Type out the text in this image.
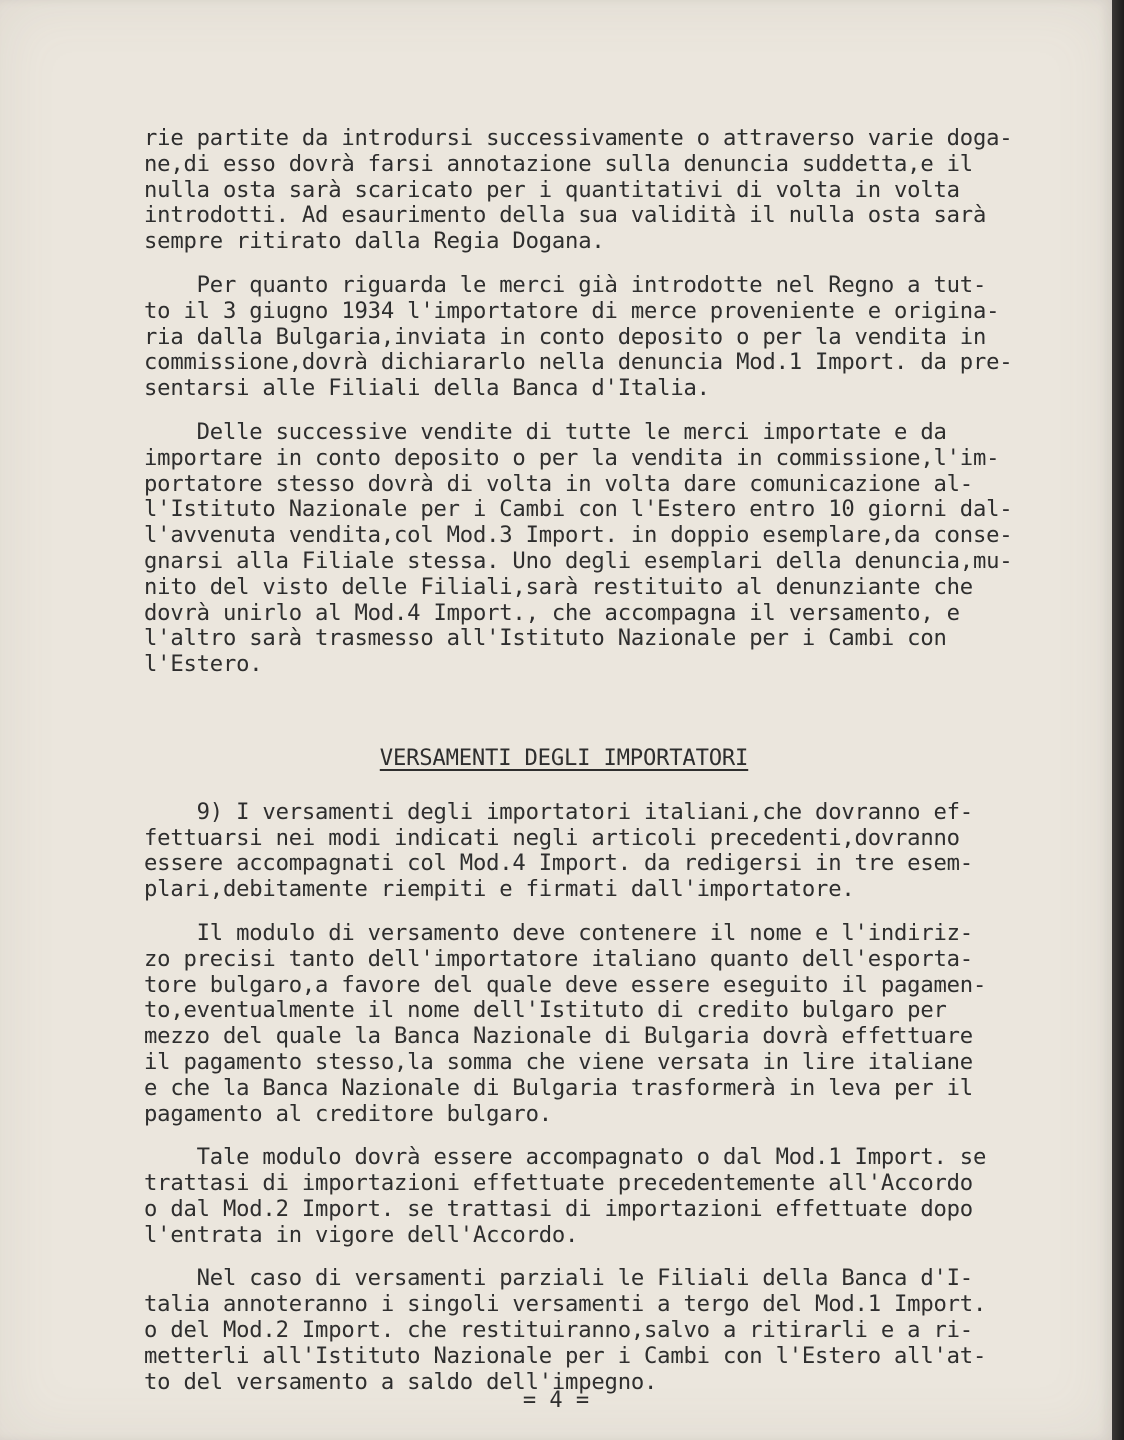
rie partite da introdursi successivamente o attraverso varie doga-
ne,di esso dovrà farsi annotazione sulla denuncia suddetta,e il
nulla osta sarà scaricato per i quantitativi di volta in volta
introdotti. Ad esaurimento della sua validità il nulla osta sarà
sempre ritirato dalla Regia Dogana.
Per quanto riguarda le merci già introdotte nel Regno a tut-
to il 3 giugno 1934 l'importatore di merce proveniente e origina-
ria dalla Bulgaria,inviata in conto deposito o per la vendita in
commissione,dovrà dichiararlo nella denuncia Mod.1 Import. da pre-
sentarsi alle Filiali della Banca d'Italia.
Delle successive vendite di tutte le merci importate e da
importare in conto deposito o per la vendita in commissione,l'im-
portatore stesso dovrà di volta in volta dare comunicazione al-
l'Istituto Nazionale per i Cambi con l'Estero entro 10 giorni dal-
l'avvenuta vendita,col Mod.3 Import. in doppio esemplare,da conse-
gnarsi alla Filiale stessa. Uno degli esemplari della denuncia,mu-
nito del visto delle Filiali,sarà restituito al denunziante che
dovrà unirlo al Mod.4 Import., che accompagna il versamento, e
l'altro sarà trasmesso all'Istituto Nazionale per i Cambi con
l'Estero.
VERSAMENTI DEGLI IMPORTATORI
9) I versamenti degli importatori italiani,che dovranno ef-
fettuarsi nei modi indicati negli articoli precedenti,dovranno
essere accompagnati col Mod.4 Import. da redigersi in tre esem-
plari,debitamente riempiti e firmati dall'importatore.
Il modulo di versamento deve contenere il nome e l'indiriz-
zo precisi tanto dell'importatore italiano quanto dell'esporta-
tore bulgaro,a favore del quale deve essere eseguito il pagamen-
to,eventualmente il nome dell'Istituto di credito bulgaro per
mezzo del quale la Banca Nazionale di Bulgaria dovrà effettuare
il pagamento stesso,la somma che viene versata in lire italiane
e che la Banca Nazionale di Bulgaria trasformerà in leva per il
pagamento al creditore bulgaro.
Tale modulo dovrà essere accompagnato o dal Mod.1 Import. se
trattasi di importazioni effettuate precedentemente all'Accordo
o dal Mod.2 Import. se trattasi di importazioni effettuate dopo
l'entrata in vigore dell'Accordo.
Nel caso di versamenti parziali le Filiali della Banca d'I-
talia annoteranno i singoli versamenti a tergo del Mod.1 Import.
o del Mod.2 Import. che restituiranno,salvo a ritirarli e a ri-
metterli all'Istituto Nazionale per i Cambi con l'Estero all'at-
to del versamento a saldo dell'impegno.
= 4 =
